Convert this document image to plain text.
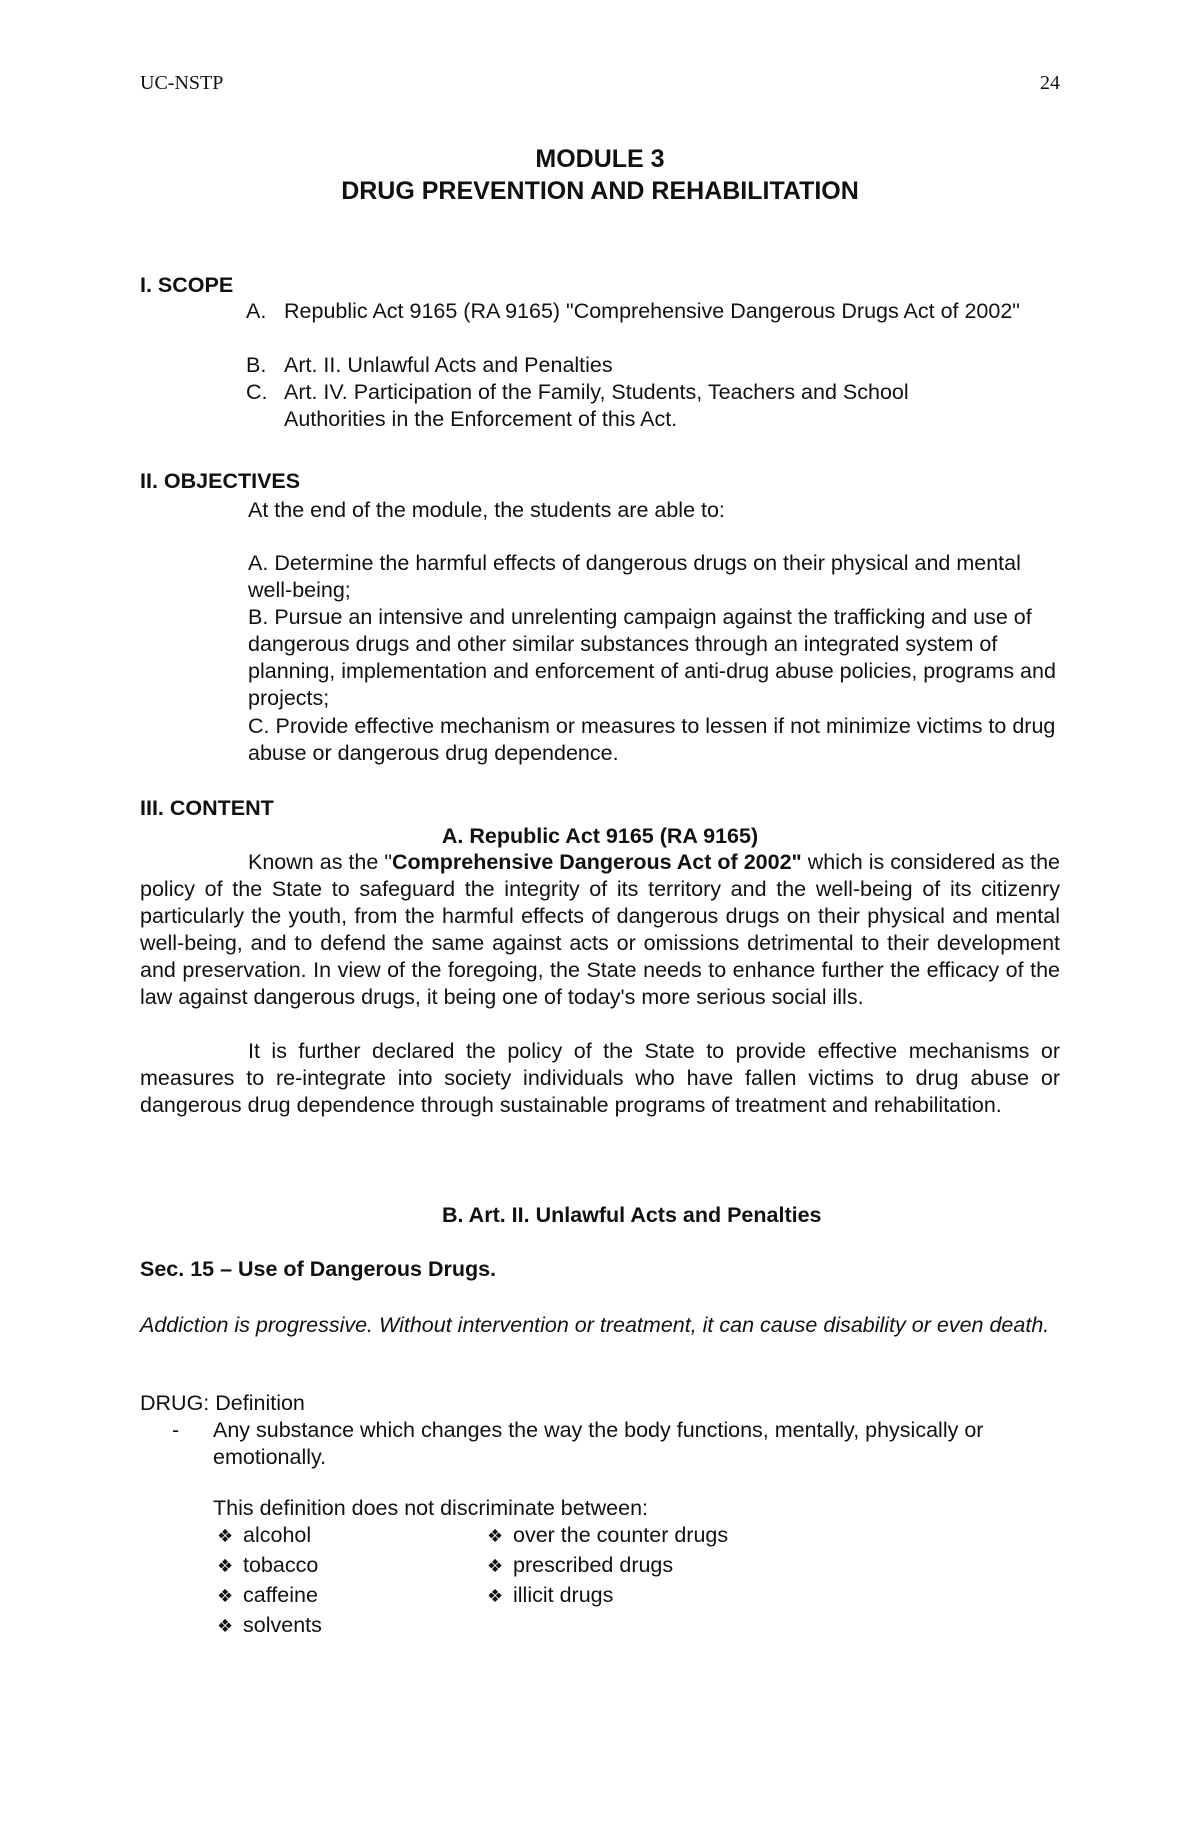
UC-NSTP	24
MODULE 3
DRUG PREVENTION AND REHABILITATION
I. SCOPE
A. Republic Act 9165 (RA 9165) "Comprehensive Dangerous Drugs Act of 2002"
B. Art. II. Unlawful Acts and Penalties
C. Art. IV. Participation of the Family, Students, Teachers and School Authorities in the Enforcement of this Act.
II. OBJECTIVES
At the end of the module, the students are able to:
A. Determine the harmful effects of dangerous drugs on their physical and mental well-being;
B. Pursue an intensive and unrelenting campaign against the trafficking and use of dangerous drugs and other similar substances through an integrated system of planning, implementation and enforcement of anti-drug abuse policies, programs and projects;
C. Provide effective mechanism or measures to lessen if not minimize victims to drug abuse or dangerous drug dependence.
III. CONTENT
A. Republic Act 9165 (RA 9165)
Known as the "Comprehensive Dangerous Act of 2002" which is considered as the policy of the State to safeguard the integrity of its territory and the well-being of its citizenry particularly the youth, from the harmful effects of dangerous drugs on their physical and mental well-being, and to defend the same against acts or omissions detrimental to their development and preservation. In view of the foregoing, the State needs to enhance further the efficacy of the law against dangerous drugs, it being one of today's more serious social ills.
It is further declared the policy of the State to provide effective mechanisms or measures to re-integrate into society individuals who have fallen victims to drug abuse or dangerous drug dependence through sustainable programs of treatment and rehabilitation.
B. Art. II. Unlawful Acts and Penalties
Sec. 15 – Use of Dangerous Drugs.
Addiction is progressive. Without intervention or treatment, it can cause disability or even death.
DRUG: Definition
- Any substance which changes the way the body functions, mentally, physically or emotionally.
This definition does not discriminate between:
❖ alcohol
❖ tobacco
❖ caffeine
❖ solvents
❖ over the counter drugs
❖ prescribed drugs
❖ illicit drugs
